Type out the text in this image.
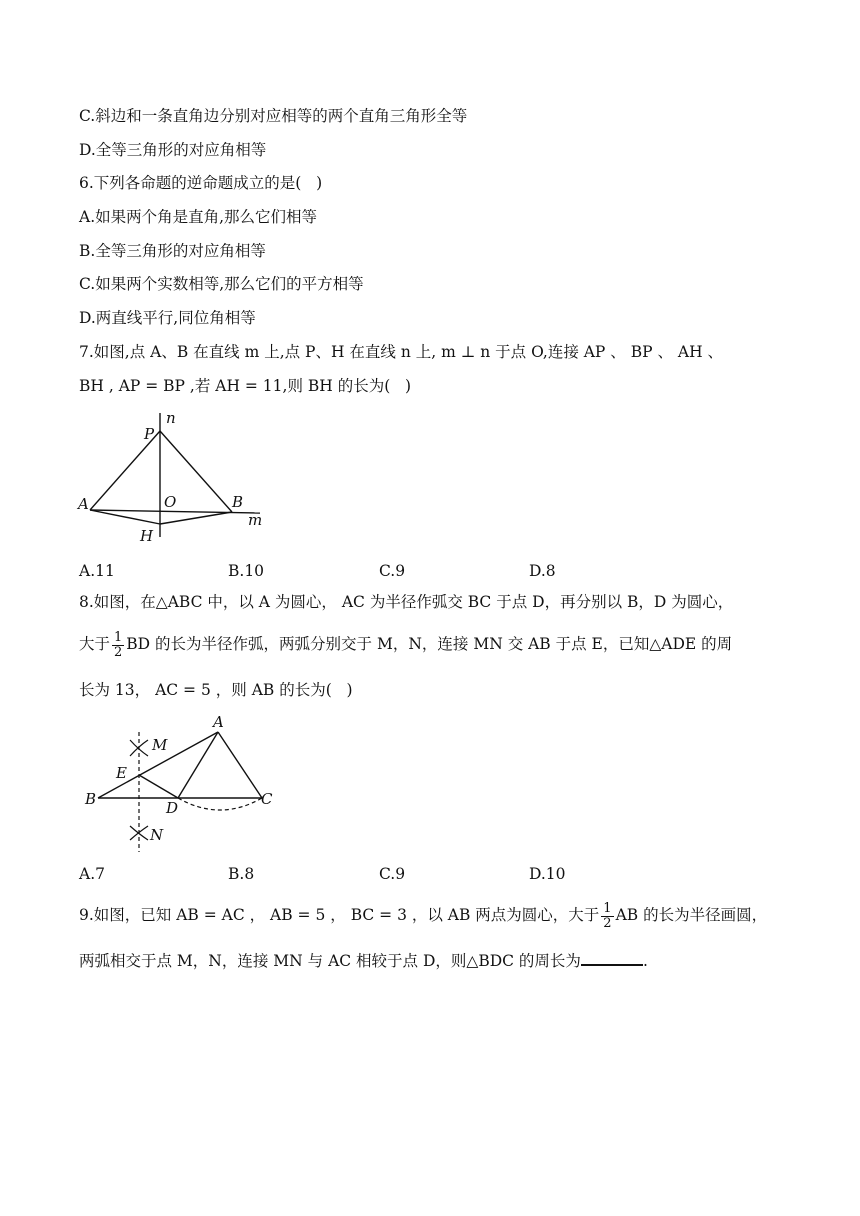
C.斜边和一条直角边分别对应相等的两个直角三角形全等
D.全等三角形的对应角相等
6.下列各命题的逆命题成立的是(   )
A.如果两个角是直角,那么它们相等
B.全等三角形的对应角相等
C.如果两个实数相等,那么它们的平方相等
D.两直线平行,同位角相等
7.如图,点 A、B 在直线 m 上,点 P、H 在直线 n 上, m ⊥ n 于点 O,连接 AP 、 BP 、 AH 、
BH , AP = BP ,若 AH = 11,则 BH 的长为(   )
n
P
A	O	B
m
H
A.11	B.10	C.9	D.8
8.如图，在△ABC 中，以 A 为圆心， AC 为半径作弧交 BC 于点 D，再分别以 B，D 为圆心，
大于 $\frac{1}{2}$ BD 的长为半径作弧，两弧分别交于 M，N，连接 MN 交 AB 于点 E，已知△ADE 的周
长为 13， AC = 5 ，则 AB 的长为(   )
A
M
E
B	D	C
N
A.7	B.8	C.9	D.10
9.如图，已知 AB = AC ， AB = 5 ， BC = 3 ，以 AB 两点为圆心，大于 $\frac{1}{2}$ AB 的长为半径画圆，
两弧相交于点 M，N，连接 MN 与 AC 相较于点 D，则△BDC 的周长为	.
